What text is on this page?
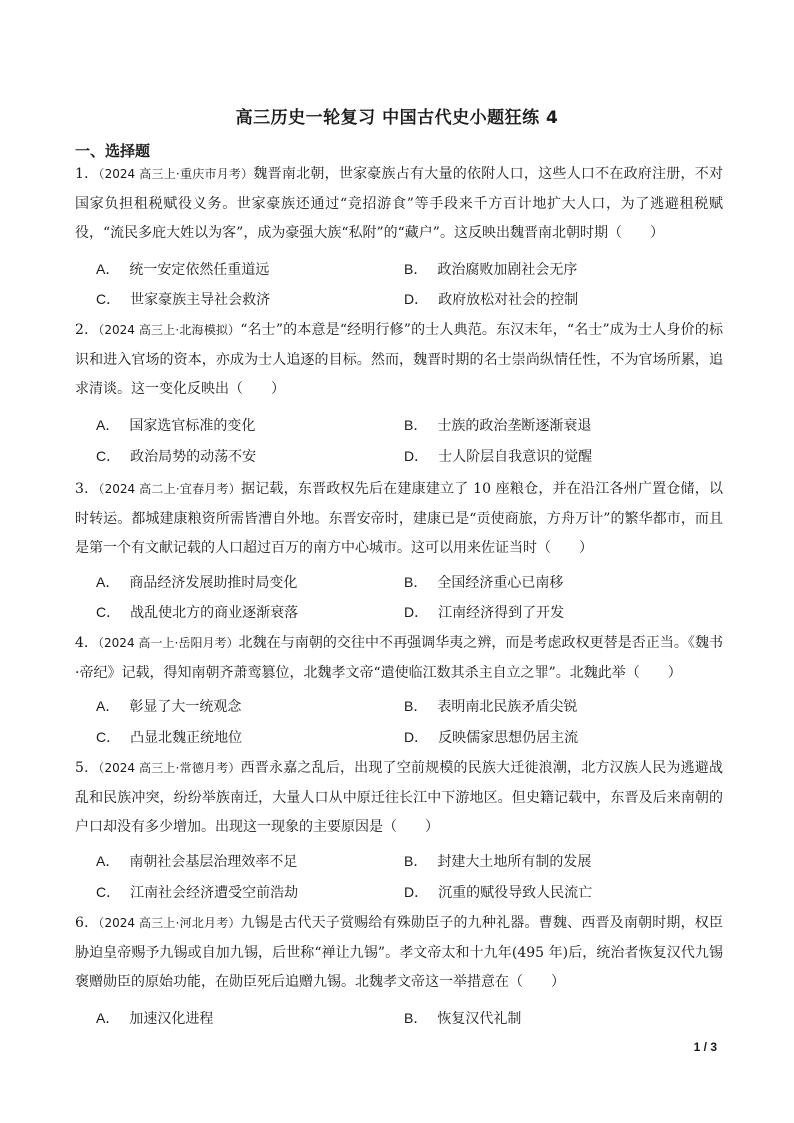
高三历史一轮复习 中国古代史小题狂练 4
一、选择题

1．（2024 高三上·重庆市月考）魏晋南北朝，世家豪族占有大量的依附人口，这些人口不在政府注册，不对国家负担租税赋役义务。世家豪族还通过“竞招游食”等手段来千方百计地扩大人口，为了逃避租税赋役，“流民多庇大姓以为客”，成为豪强大族“私附”的“藏户”。这反映出魏晋南北朝时期（　　）

A． 统一安定依然任重道远	B． 政治腐败加剧社会无序
C． 世家豪族主导社会救济	D． 政府放松对社会的控制

2．（2024 高三上·北海模拟）“名士”的本意是“经明行修”的士人典范。东汉末年，“名士”成为士人身价的标识和进入官场的资本，亦成为士人追逐的目标。然而，魏晋时期的名士崇尚纵情任性，不为官场所累，追求清谈。这一变化反映出（　　）

A． 国家选官标准的变化	B． 士族的政治垄断逐渐衰退
C． 政治局势的动荡不安	D． 士人阶层自我意识的觉醒

3．（2024 高二上·宜春月考）据记载，东晋政权先后在建康建立了 10 座粮仓，并在沿江各州广置仓储，以时转运。都城建康粮资所需皆漕自外地。东晋安帝时，建康已是“贡使商旅，方舟万计”的繁华都市，而且是第一个有文献记载的人口超过百万的南方中心城市。这可以用来佐证当时（　　）

A． 商品经济发展助推时局变化	B． 全国经济重心已南移
C． 战乱使北方的商业逐渐衰落	D． 江南经济得到了开发

4．（2024 高一上·岳阳月考）北魏在与南朝的交往中不再强调华夷之辨，而是考虑政权更替是否正当。《魏书·帝纪》记载，得知南朝齐萧鸾篡位，北魏孝文帝“遣使临江数其杀主自立之罪”。北魏此举（　　）

A． 彰显了大一统观念	B． 表明南北民族矛盾尖锐
C． 凸显北魏正统地位	D． 反映儒家思想仍居主流

5．（2024 高三上·常德月考）西晋永嘉之乱后，出现了空前规模的民族大迁徙浪潮，北方汉族人民为逃避战乱和民族冲突，纷纷举族南迁，大量人口从中原迁往长江中下游地区。但史籍记载中，东晋及后来南朝的户口却没有多少增加。出现这一现象的主要原因是（　　）

A． 南朝社会基层治理效率不足	B． 封建大土地所有制的发展
C． 江南社会经济遭受空前浩劫	D． 沉重的赋役导致人民流亡

6．（2024 高三上·河北月考）九锡是古代天子赏赐给有殊勋臣子的九种礼器。曹魏、西晋及南朝时期，权臣胁迫皇帝赐予九锡或自加九锡，后世称“禅让九锡”。孝文帝太和十九年(495 年)后，统治者恢复汉代九锡褒赠勋臣的原始功能，在勋臣死后追赠九锡。北魏孝文帝这一举措意在（　　）

A． 加速汉化进程	B． 恢复汉代礼制
1 / 3
